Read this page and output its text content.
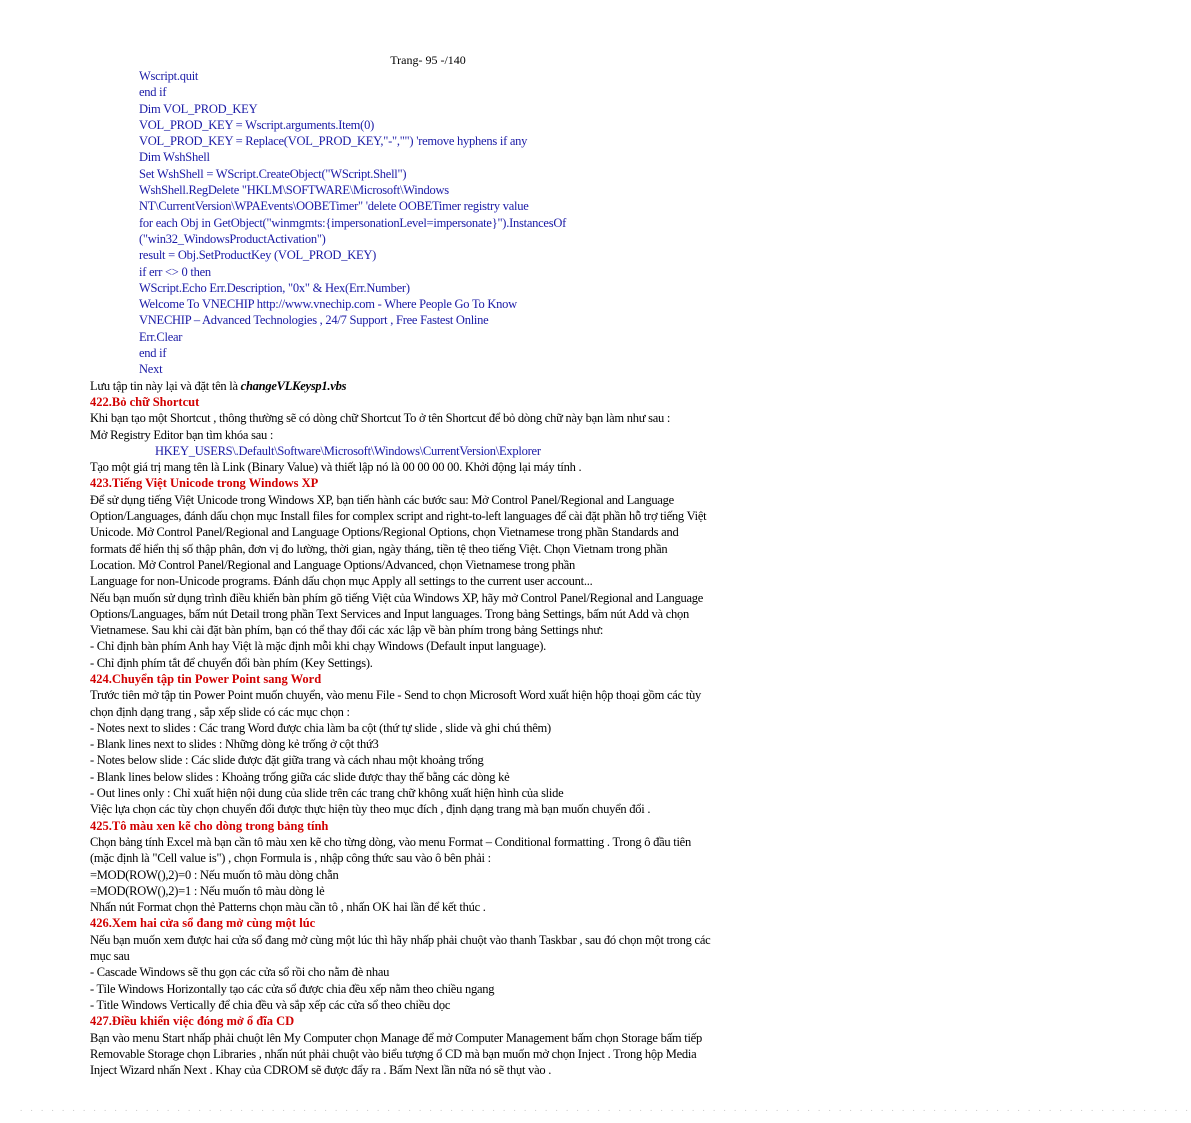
Trang- 95 -/140
Wscript.quit
end if
Dim VOL_PROD_KEY
VOL_PROD_KEY = Wscript.arguments.Item(0)
VOL_PROD_KEY = Replace(VOL_PROD_KEY,"-","") 'remove hyphens if any
Dim WshShell
Set WshShell = WScript.CreateObject("WScript.Shell")
WshShell.RegDelete "HKLM\SOFTWARE\Microsoft\Windows
NT\CurrentVersion\WPAEvents\OOBETimer" 'delete OOBETimer registry value
for each Obj in GetObject("winmgmts:{impersonationLevel=impersonate}").InstancesOf
("win32_WindowsProductActivation")
result = Obj.SetProductKey (VOL_PROD_KEY)
if err <> 0 then
WScript.Echo Err.Description, "0x" & Hex(Err.Number)
Welcome To VNECHIP http://www.vnechip.com - Where People Go To Know
VNECHIP – Advanced Technologies , 24/7 Support , Free Fastest Online
Err.Clear
end if
Next
Lưu tập tin này lại và đặt tên là changeVLKeysp1.vbs
422.Bỏ chữ Shortcut
Khi bạn tạo một Shortcut , thông thường sẽ có dòng chữ Shortcut To ở tên Shortcut để bỏ dòng chữ này bạn làm như sau :
Mở Registry Editor bạn tìm khóa sau :
HKEY_USERS\.Default\Software\Microsoft\Windows\CurrentVersion\Explorer
Tạo một giá trị mang tên là Link (Binary Value) và thiết lập nó là 00 00 00 00. Khởi động lại máy tính .
423.Tiếng Việt Unicode trong Windows XP
Để sử dụng tiếng Việt Unicode trong Windows XP, bạn tiến hành các bước sau: Mở Control Panel/Regional and Language
Option/Languages, đánh dấu chọn mục Install files for complex script and right-to-left languages để cài đặt phần hỗ trợ tiếng Việt
Unicode. Mở Control Panel/Regional and Language Options/Regional Options, chọn Vietnamese trong phần Standards and
formats để hiển thị số thập phân, đơn vị đo lường, thời gian, ngày tháng, tiền tệ theo tiếng Việt. Chọn Vietnam trong phần
Location. Mở Control Panel/Regional and Language Options/Advanced, chọn Vietnamese trong phần
Language for non-Unicode programs. Đánh dấu chọn mục Apply all settings to the current user account...
Nếu bạn muốn sử dụng trình điều khiển bàn phím gõ tiếng Việt của Windows XP, hãy mở Control Panel/Regional and Language
Options/Languages, bấm nút Detail trong phần Text Services and Input languages. Trong bảng Settings, bấm nút Add và chọn
Vietnamese. Sau khi cài đặt bàn phím, bạn có thể thay đổi các xác lập về bàn phím trong bảng Settings như:
- Chỉ định bàn phím Anh hay Việt là mặc định mỗi khi chạy Windows (Default input language).
- Chỉ định phím tắt để chuyển đổi bàn phím (Key Settings).
424.Chuyển tập tin Power Point sang Word
Trước tiên mở tập tin Power Point muốn chuyển, vào menu File - Send to chọn Microsoft Word xuất hiện hộp thoại gồm các tùy
chọn định dạng trang , sắp xếp slide có các mục chọn :
- Notes next to slides : Các trang Word được chia làm ba cột (thứ tự slide , slide và ghi chú thêm)
- Blank lines next to slides : Những dòng kẻ trống ở cột thứ3
- Notes below slide : Các slide được đặt giữa trang và cách nhau một khoảng trống
- Blank lines below slides : Khoảng trống giữa các slide được thay thế bằng các dòng kẻ
- Out lines only : Chỉ xuất hiện nội dung của slide trên các trang chữ không xuất hiện hình của slide
Việc lựa chọn các tùy chọn chuyển đổi được thực hiện tùy theo mục đích , định dạng trang mà bạn muốn chuyển đổi .
425.Tô màu xen kẽ cho dòng trong bảng tính
Chọn bảng tính Excel mà bạn cần tô màu xen kẽ cho từng dòng, vào menu Format – Conditional formatting . Trong ô đầu tiên
(mặc định là "Cell value is") , chọn Formula is , nhập công thức sau vào ô bên phải :
=MOD(ROW(),2)=0 : Nếu muốn tô màu dòng chẵn
=MOD(ROW(),2)=1 : Nếu muốn tô màu dòng lẻ
Nhấn nút Format chọn thẻ Patterns chọn màu cần tô , nhấn OK hai lần để kết thúc .
426.Xem hai cửa sổ đang mở cùng một lúc
Nếu bạn muốn xem được hai cửa sổ đang mở cùng một lúc thì hãy nhấp phải chuột vào thanh Taskbar , sau đó chọn một trong các
mục sau
- Cascade Windows sẽ thu gọn các cửa sổ rồi cho nằm đè nhau
- Tile Windows Horizontally tạo các cửa sổ được chia đều xếp nằm theo chiều ngang
- Title Windows Vertically để chia đều và sắp xếp các cửa sổ theo chiều dọc
427.Điều khiển việc đóng mở ổ đĩa CD
Bạn vào menu Start nhấp phải chuột lên My Computer chọn Manage để mở Computer Management bấm chọn Storage bấm tiếp
Removable Storage chọn Libraries , nhấn nút phải chuột vào biểu tượng ổ CD mà bạn muốn mở chọn Inject . Trong hộp Media
Inject Wizard nhấn Next . Khay của CDROM sẽ được đẩy ra . Bấm Next lần nữa nó sẽ thụt vào .
. . . . . . . . . . . . . . . . . . . . . . . . . . . . . . . . . . . . . . . . . . . . . . . . . . . . . . . . . . . . . . . . . . . . . . . . . . . . . . . . . . . . . . . . . . . . . . . . . . . . . . . . . . . . . . . .
